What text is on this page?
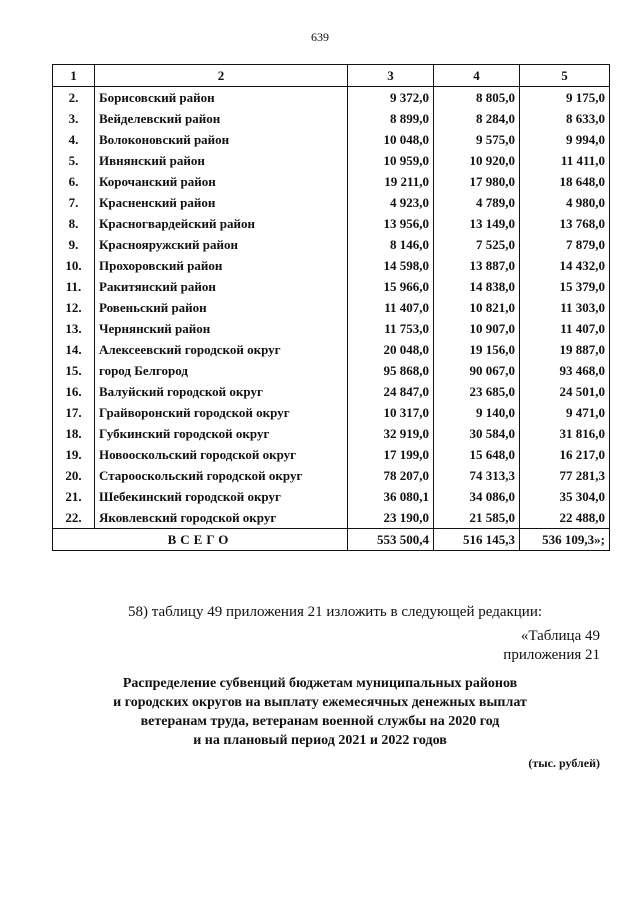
639
1	2	3	4	5
2.	Борисовский район	9 372,0	8 805,0	9 175,0
3.	Вейделевский район	8 899,0	8 284,0	8 633,0
4.	Волоконовский район	10 048,0	9 575,0	9 994,0
5.	Ивнянский район	10 959,0	10 920,0	11 411,0
6.	Корочанский район	19 211,0	17 980,0	18 648,0
7.	Красненский район	4 923,0	4 789,0	4 980,0
8.	Красногвардейский район	13 956,0	13 149,0	13 768,0
9.	Краснояружский район	8 146,0	7 525,0	7 879,0
10.	Прохоровский район	14 598,0	13 887,0	14 432,0
11.	Ракитянский район	15 966,0	14 838,0	15 379,0
12.	Ровеньский район	11 407,0	10 821,0	11 303,0
13.	Чернянский район	11 753,0	10 907,0	11 407,0
14.	Алексеевский городской округ	20 048,0	19 156,0	19 887,0
15.	город Белгород	95 868,0	90 067,0	93 468,0
16.	Валуйский городской округ	24 847,0	23 685,0	24 501,0
17.	Грайворонский городской округ	10 317,0	9 140,0	9 471,0
18.	Губкинский городской округ	32 919,0	30 584,0	31 816,0
19.	Новооскольский городской округ	17 199,0	15 648,0	16 217,0
20.	Старооскольский городской округ	78 207,0	74 313,3	77 281,3
21.	Шебекинский городской округ	36 080,1	34 086,0	35 304,0
22.	Яковлевский городской округ	23 190,0	21 585,0	22 488,0
ВСЕГО		553 500,4	516 145,3	536 109,3»;
58) таблицу 49 приложения 21 изложить в следующей редакции:
«Таблица 49
приложения 21
Распределение субвенций бюджетам муниципальных районов
и городских округов на выплату ежемесячных денежных выплат
ветеранам труда, ветеранам военной службы на 2020 год
и на плановый период 2021 и 2022 годов
(тыс. рублей)
